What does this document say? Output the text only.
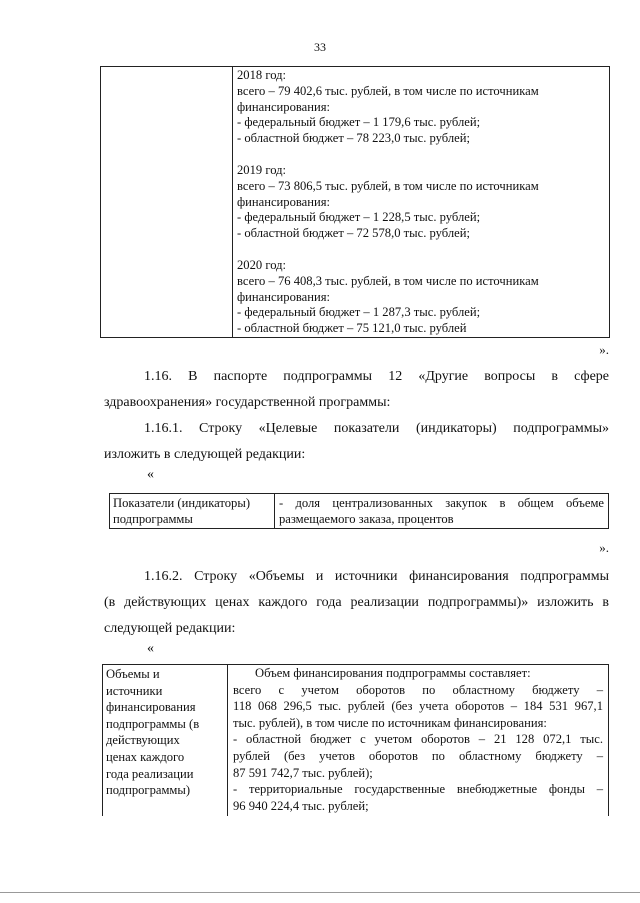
33

2018 год:
всего – 79 402,6 тыс. рублей, в том числе по источникам
финансирования:
- федеральный бюджет – 1 179,6 тыс. рублей;
- областной бюджет – 78 223,0 тыс. рублей;
2019 год:
всего – 73 806,5 тыс. рублей, в том числе по источникам
финансирования:
- федеральный бюджет – 1 228,5 тыс. рублей;
- областной бюджет – 72 578,0 тыс. рублей;
2020 год:
всего – 76 408,3 тыс. рублей, в том числе по источникам
финансирования:
- федеральный бюджет – 1 287,3 тыс. рублей;
- областной бюджет – 75 121,0 тыс. рублей
».
1.16. В паспорте подпрограммы 12 «Другие вопросы в сфере
здравоохранения» государственной программы:
1.16.1. Строку «Целевые показатели (индикаторы) подпрограммы»
изложить в следующей редакции:
«
Показатели (индикаторы)
подпрограммы

- доля централизованных закупок в общем объеме
размещаемого заказа, процентов
».
1.16.2. Строку «Объемы и источники финансирования подпрограммы
(в действующих ценах каждого года реализации подпрограммы)» изложить в
следующей редакции:
«
Объемы и
источники
финансирования
подпрограммы (в
действующих
ценах каждого
года реализации
подпрограммы)

Объем финансирования подпрограммы составляет:
всего с учетом оборотов по областному бюджету –
118 068 296,5 тыс. рублей (без учета оборотов – 184 531 967,1
тыс. рублей), в том числе по источникам финансирования:
- областной бюджет с учетом оборотов – 21 128 072,1 тыс.
рублей (без учетов оборотов по областному бюджету –
87 591 742,7 тыс. рублей);
- территориальные государственные внебюджетные фонды –
96 940 224,4 тыс. рублей;
